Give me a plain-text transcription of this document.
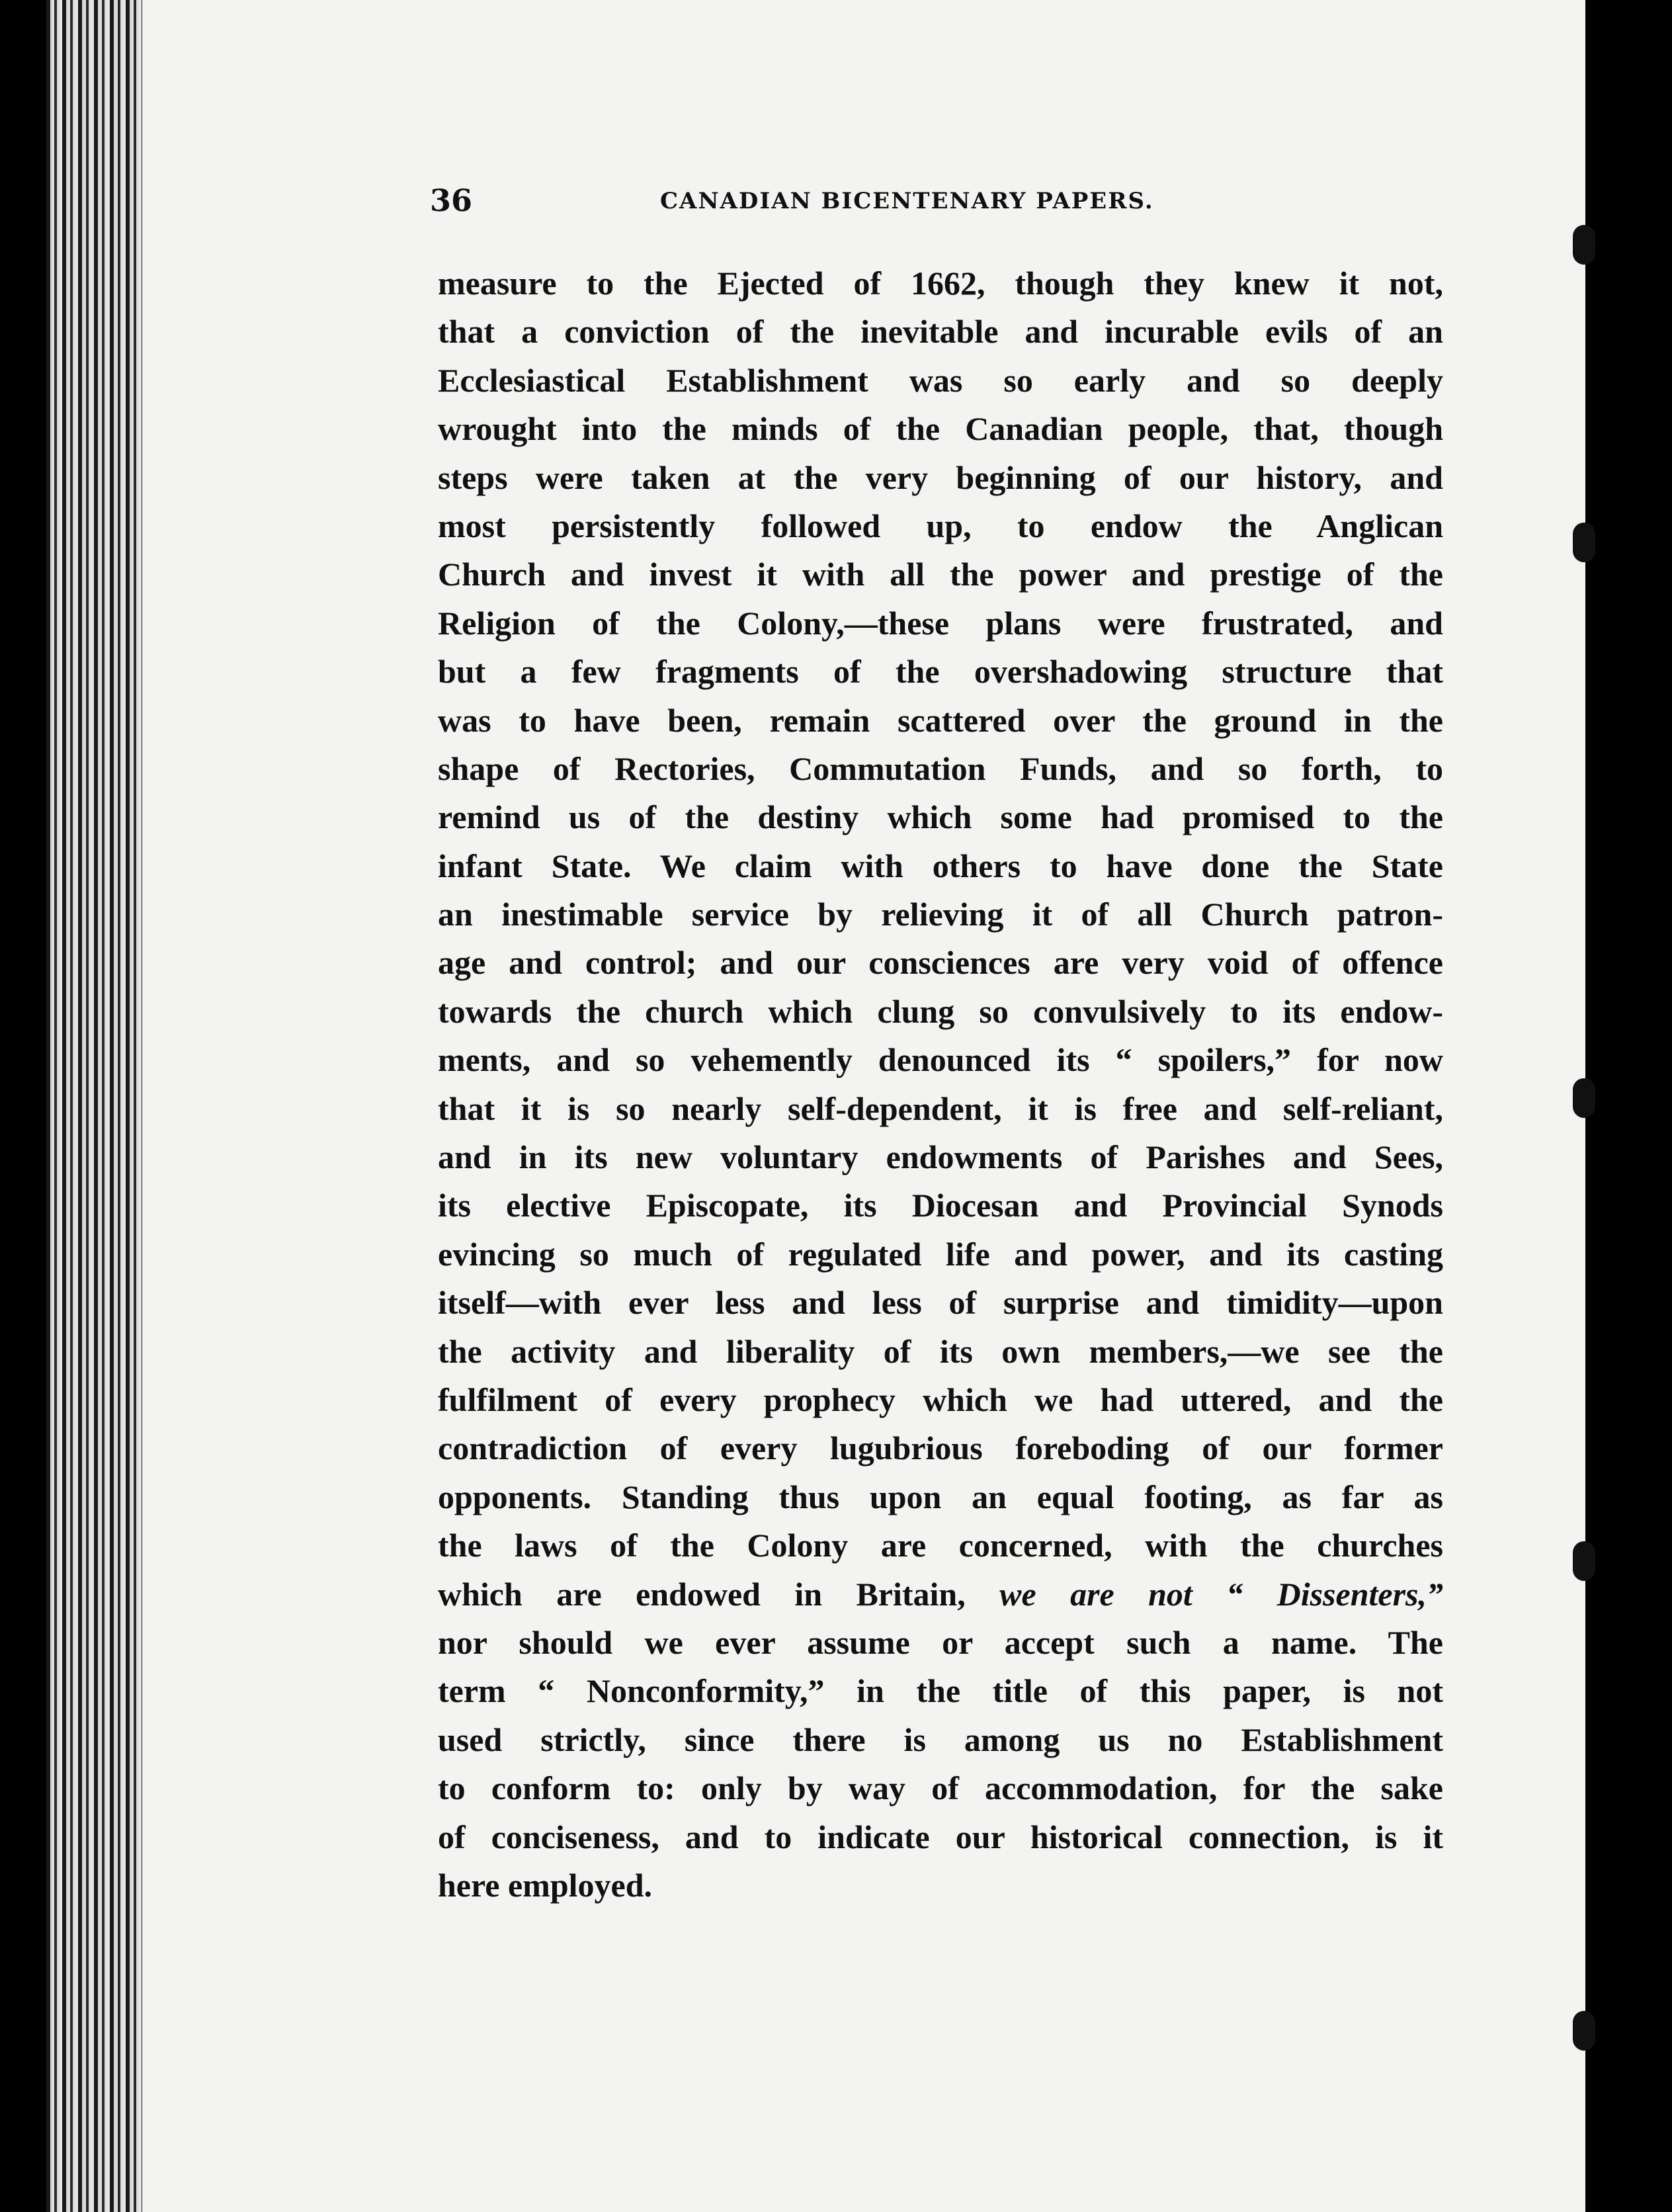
36	CANADIAN BICENTENARY PAPERS.
measure to the Ejected of 1662, though they knew it not,
that a conviction of the inevitable and incurable evils of an
Ecclesiastical Establishment was so early and so deeply
wrought into the minds of the Canadian people, that, though
steps were taken at the very beginning of our history, and
most persistently followed up, to endow the Anglican
Church and invest it with all the power and prestige of the
Religion of the Colony,—these plans were frustrated, and
but a few fragments of the overshadowing structure that
was to have been, remain scattered over the ground in the
shape of Rectories, Commutation Funds, and so forth, to
remind us of the destiny which some had promised to the
infant State. We claim with others to have done the State
an inestimable service by relieving it of all Church patron-
age and control; and our consciences are very void of offence
towards the church which clung so convulsively to its endow-
ments, and so vehemently denounced its “ spoilers,” for now
that it is so nearly self-dependent, it is free and self-reliant,
and in its new voluntary endowments of Parishes and Sees,
its elective Episcopate, its Diocesan and Provincial Synods
evincing so much of regulated life and power, and its casting
itself—with ever less and less of surprise and timidity—upon
the activity and liberality of its own members,—we see the
fulfilment of every prophecy which we had uttered, and the
contradiction of every lugubrious foreboding of our former
opponents. Standing thus upon an equal footing, as far as
the laws of the Colony are concerned, with the churches
which are endowed in Britain, we are not “ Dissenters,”
nor should we ever assume or accept such a name. The
term “ Nonconformity,” in the title of this paper, is not
used strictly, since there is among us no Establishment
to conform to: only by way of accommodation, for the sake
of conciseness, and to indicate our historical connection, is it
here employed.
